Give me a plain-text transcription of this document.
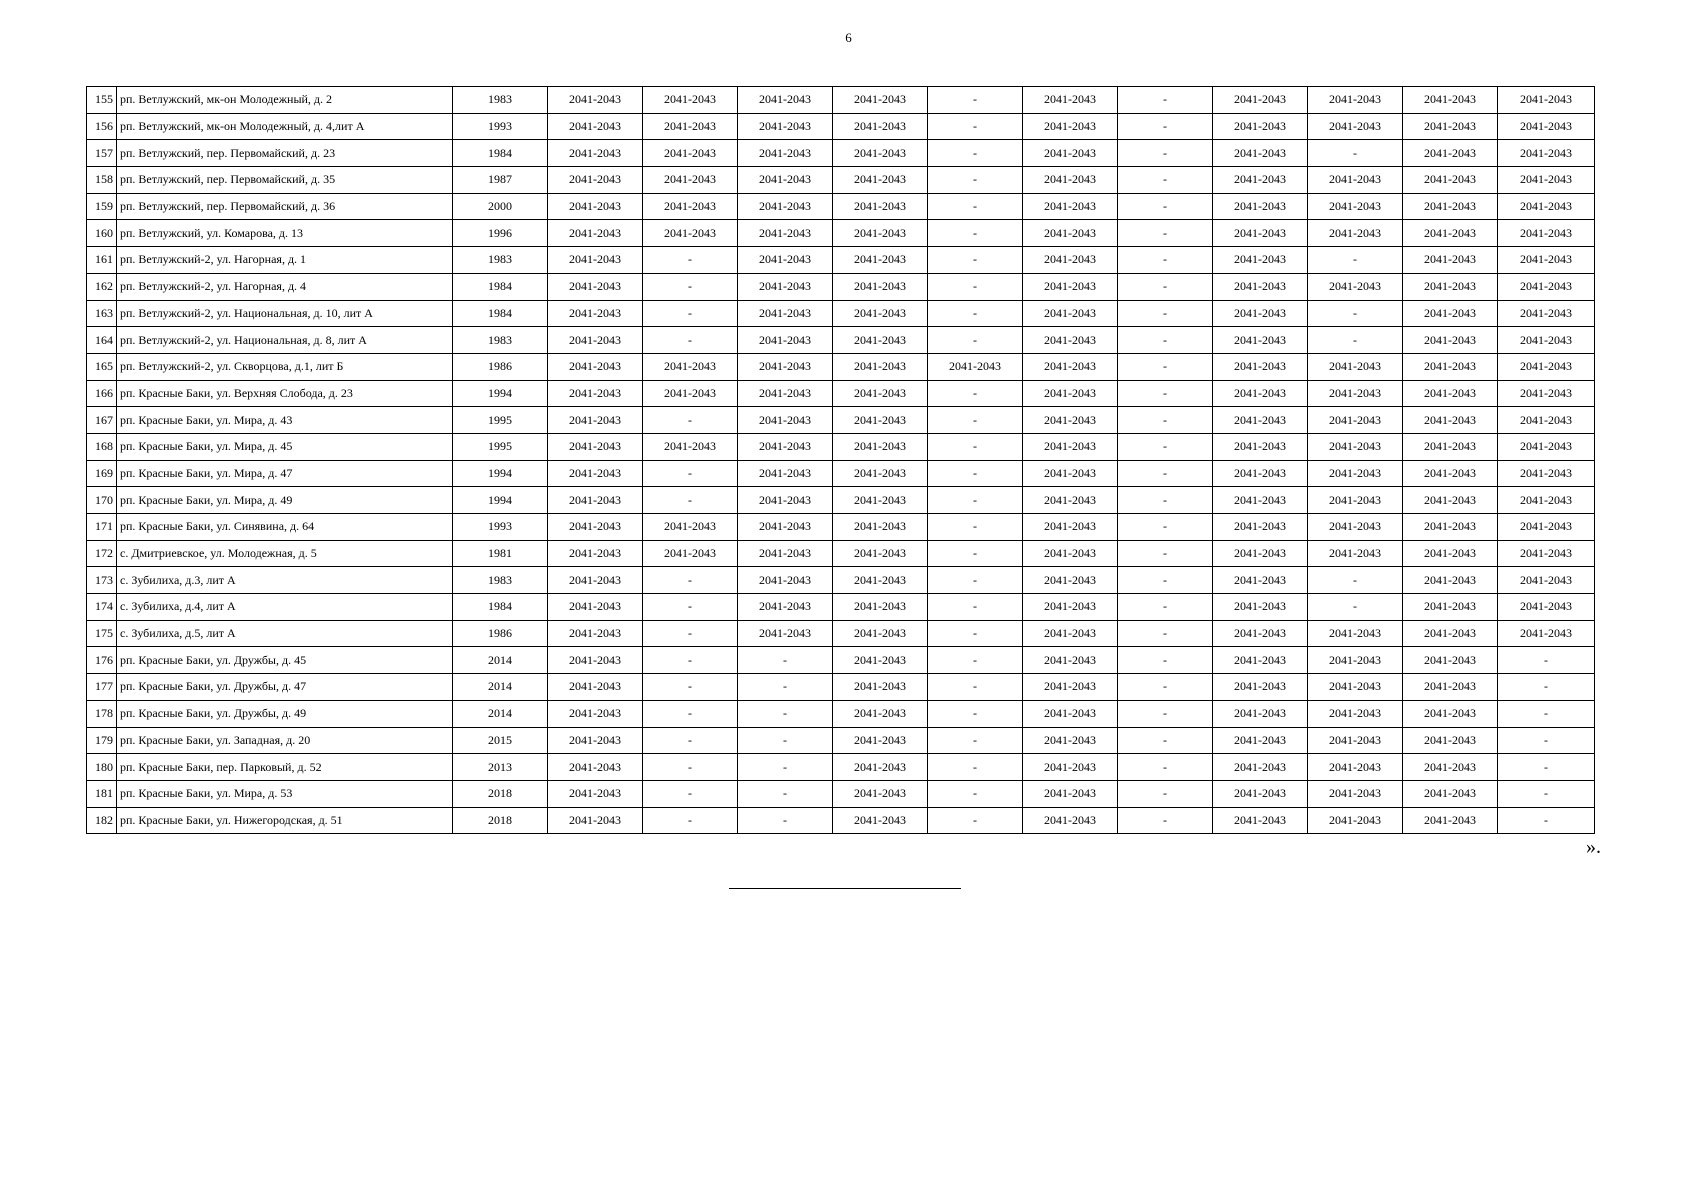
6
155	рп. Ветлужский, мк-он Молодежный, д. 2	1983	2041-2043	2041-2043	2041-2043	2041-2043	-	2041-2043	-	2041-2043	2041-2043	2041-2043	2041-2043
156	рп. Ветлужский, мк-он Молодежный, д. 4,лит А	1993	2041-2043	2041-2043	2041-2043	2041-2043	-	2041-2043	-	2041-2043	2041-2043	2041-2043	2041-2043
157	рп. Ветлужский, пер. Первомайский, д. 23	1984	2041-2043	2041-2043	2041-2043	2041-2043	-	2041-2043	-	2041-2043	-	2041-2043	2041-2043
158	рп. Ветлужский, пер. Первомайский, д. 35	1987	2041-2043	2041-2043	2041-2043	2041-2043	-	2041-2043	-	2041-2043	2041-2043	2041-2043	2041-2043
159	рп. Ветлужский, пер. Первомайский, д. 36	2000	2041-2043	2041-2043	2041-2043	2041-2043	-	2041-2043	-	2041-2043	2041-2043	2041-2043	2041-2043
160	рп. Ветлужский, ул. Комарова, д. 13	1996	2041-2043	2041-2043	2041-2043	2041-2043	-	2041-2043	-	2041-2043	2041-2043	2041-2043	2041-2043
161	рп. Ветлужский-2, ул. Нагорная, д. 1	1983	2041-2043	-	2041-2043	2041-2043	-	2041-2043	-	2041-2043	-	2041-2043	2041-2043
162	рп. Ветлужский-2, ул. Нагорная, д. 4	1984	2041-2043	-	2041-2043	2041-2043	-	2041-2043	-	2041-2043	2041-2043	2041-2043	2041-2043
163	рп. Ветлужский-2, ул. Национальная, д. 10, лит А	1984	2041-2043	-	2041-2043	2041-2043	-	2041-2043	-	2041-2043	-	2041-2043	2041-2043
164	рп. Ветлужский-2, ул. Национальная, д. 8, лит А	1983	2041-2043	-	2041-2043	2041-2043	-	2041-2043	-	2041-2043	-	2041-2043	2041-2043
165	рп. Ветлужский-2, ул. Скворцова, д.1, лит Б	1986	2041-2043	2041-2043	2041-2043	2041-2043	2041-2043	2041-2043	-	2041-2043	2041-2043	2041-2043	2041-2043
166	рп. Красные Баки, ул. Верхняя Слобода, д. 23	1994	2041-2043	2041-2043	2041-2043	2041-2043	-	2041-2043	-	2041-2043	2041-2043	2041-2043	2041-2043
167	рп. Красные Баки, ул. Мира, д. 43	1995	2041-2043	-	2041-2043	2041-2043	-	2041-2043	-	2041-2043	2041-2043	2041-2043	2041-2043
168	рп. Красные Баки, ул. Мира, д. 45	1995	2041-2043	2041-2043	2041-2043	2041-2043	-	2041-2043	-	2041-2043	2041-2043	2041-2043	2041-2043
169	рп. Красные Баки, ул. Мира, д. 47	1994	2041-2043	-	2041-2043	2041-2043	-	2041-2043	-	2041-2043	2041-2043	2041-2043	2041-2043
170	рп. Красные Баки, ул. Мира, д. 49	1994	2041-2043	-	2041-2043	2041-2043	-	2041-2043	-	2041-2043	2041-2043	2041-2043	2041-2043
171	рп. Красные Баки, ул. Синявина, д. 64	1993	2041-2043	2041-2043	2041-2043	2041-2043	-	2041-2043	-	2041-2043	2041-2043	2041-2043	2041-2043
172	с. Дмитриевское, ул. Молодежная, д. 5	1981	2041-2043	2041-2043	2041-2043	2041-2043	-	2041-2043	-	2041-2043	2041-2043	2041-2043	2041-2043
173	с. Зубилиха, д.3, лит А	1983	2041-2043	-	2041-2043	2041-2043	-	2041-2043	-	2041-2043	-	2041-2043	2041-2043
174	с. Зубилиха, д.4, лит А	1984	2041-2043	-	2041-2043	2041-2043	-	2041-2043	-	2041-2043	-	2041-2043	2041-2043
175	с. Зубилиха, д.5, лит А	1986	2041-2043	-	2041-2043	2041-2043	-	2041-2043	-	2041-2043	2041-2043	2041-2043	2041-2043
176	рп. Красные Баки, ул. Дружбы, д. 45	2014	2041-2043	-	-	2041-2043	-	2041-2043	-	2041-2043	2041-2043	2041-2043	-
177	рп. Красные Баки, ул. Дружбы, д. 47	2014	2041-2043	-	-	2041-2043	-	2041-2043	-	2041-2043	2041-2043	2041-2043	-
178	рп. Красные Баки, ул. Дружбы, д. 49	2014	2041-2043	-	-	2041-2043	-	2041-2043	-	2041-2043	2041-2043	2041-2043	-
179	рп. Красные Баки, ул. Западная, д. 20	2015	2041-2043	-	-	2041-2043	-	2041-2043	-	2041-2043	2041-2043	2041-2043	-
180	рп. Красные Баки, пер. Парковый, д. 52	2013	2041-2043	-	-	2041-2043	-	2041-2043	-	2041-2043	2041-2043	2041-2043	-
181	рп. Красные Баки, ул. Мира, д. 53	2018	2041-2043	-	-	2041-2043	-	2041-2043	-	2041-2043	2041-2043	2041-2043	-
182	рп. Красные Баки, ул. Нижегородская, д. 51	2018	2041-2043	-	-	2041-2043	-	2041-2043	-	2041-2043	2041-2043	2041-2043	-
».
